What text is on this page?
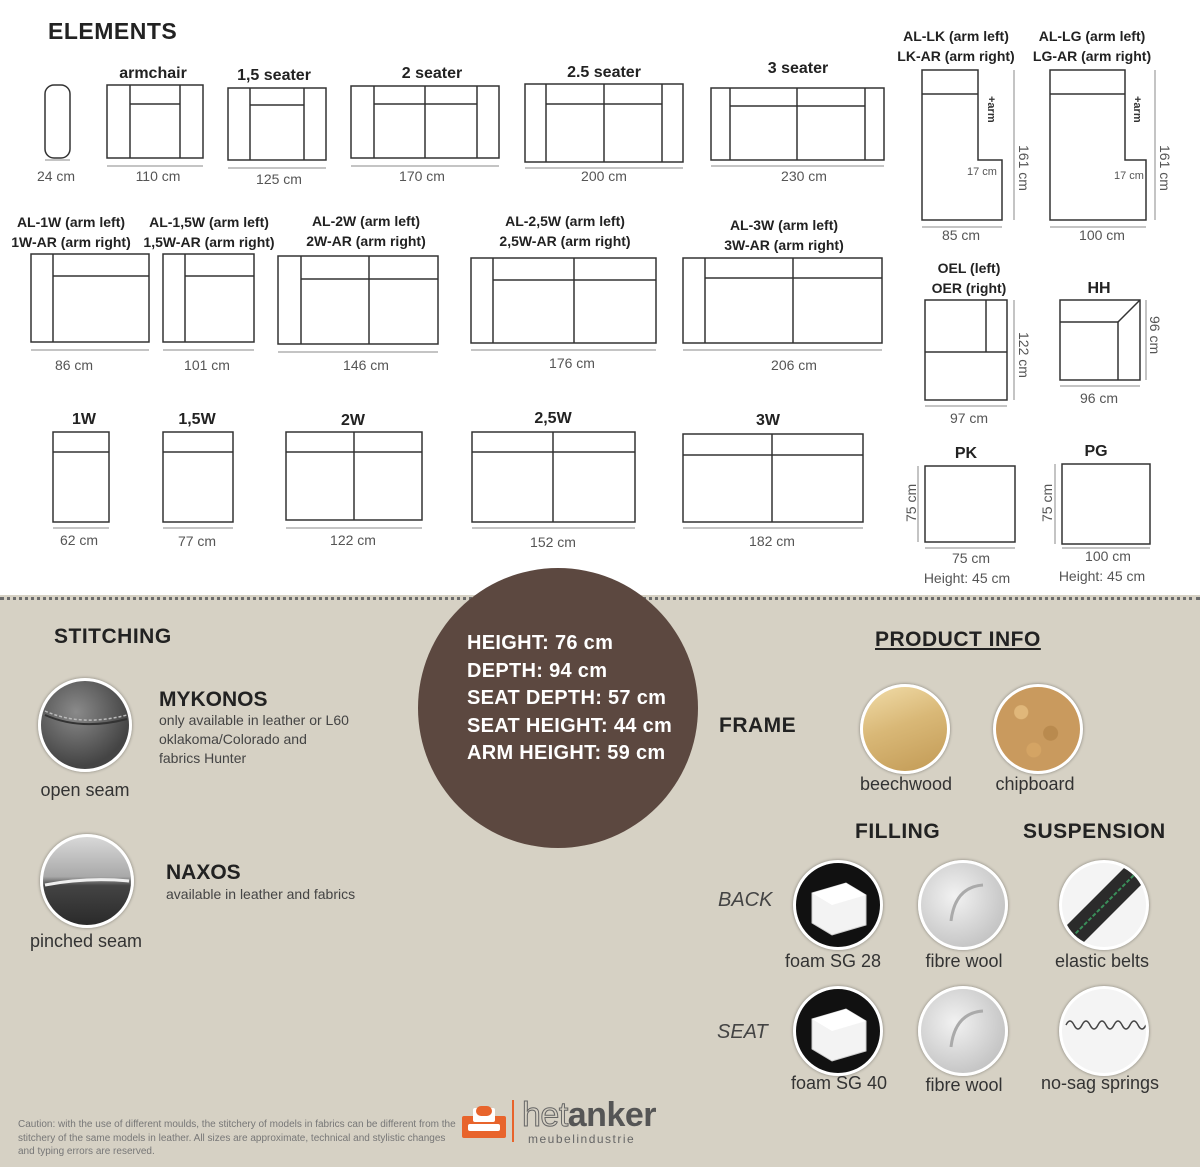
ELEMENTS
armchair	1,5 seater	2 seater	2.5 seater	3 seater
24 cm	110 cm	125 cm	170 cm	200 cm	230 cm
AL-1W (arm left)
1W-AR (arm right)
AL-1,5W (arm left)
1,5W-AR (arm right)
AL-2W (arm left)
2W-AR (arm right)
AL-2,5W (arm left)
2,5W-AR (arm right)
AL-3W (arm left)
3W-AR (arm right)
86 cm	101 cm	146 cm	176 cm	206 cm
1W	1,5W	2W	2,5W	3W
62 cm	77 cm	122 cm	152 cm	182 cm
AL-LK (arm left)
LK-AR (arm right)
AL-LG (arm left)
LG-AR (arm right)
+arm	+arm
17 cm	17 cm
161 cm	161 cm
85 cm	100 cm
OEL (left)
OER (right)
122 cm
97 cm
HH
96 cm
96 cm
PK
75 cm
75 cm
Height: 45 cm
PG
75 cm
100 cm
Height: 45 cm
STITCHING
open seam
MYKONOS
only available in leather or L60 oklakoma/Colorado and fabrics Hunter
pinched seam
NAXOS
available in leather and fabrics
HEIGHT: 76 cm
DEPTH: 94 cm
SEAT DEPTH: 57 cm
SEAT HEIGHT: 44 cm
ARM HEIGHT: 59 cm
PRODUCT INFO
FRAME
beechwood chipboard
FILLING	SUSPENSION
BACK
SEAT
foam SG 28 fibre wool	elastic belts
foam SG 40 fibre wool no-sag springs
Caution: with the use of different moulds, the stitchery of models in fabrics can be different from the stitchery of the same models in leather. All sizes are approximate, technical and stylistic changes and typing errors are reserved.
hetanker
meubelindustrie
